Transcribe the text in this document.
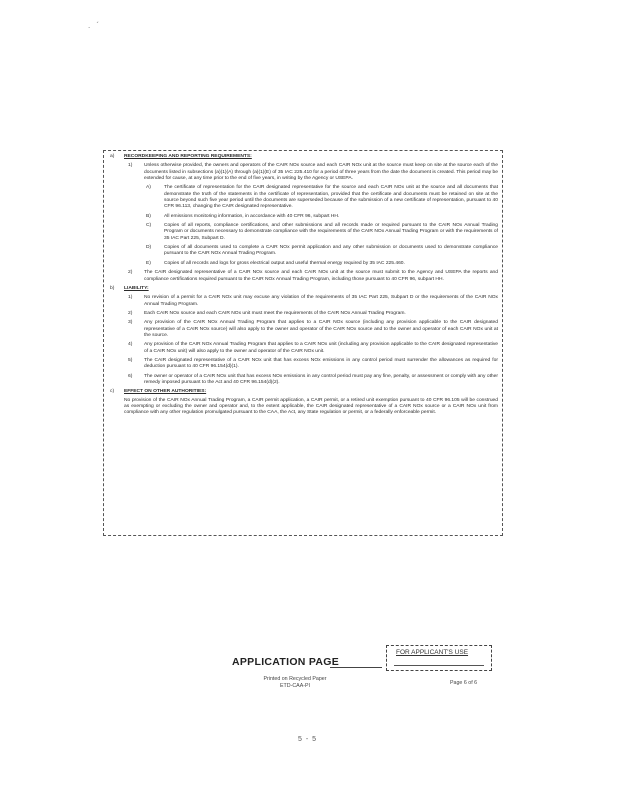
. ´
a) RECORDKEEPING AND REPORTING REQUIREMENTS:
1) Unless otherwise provided, the owners and operators of the CAIR NOx source and each CAIR NOx unit at the source must keep on site at the source each of the documents listed in subsections (a)(1)(A) through (a)(1)(E) of 35 IAC 225.410 for a period of three years from the date the document is created. This period may be extended for cause, at any time prior to the end of five years, in writing by the Agency or USEPA.
A)	The certificate of representation for the CAIR designated representative for the source and each CAIR NOx unit at the source and all documents that demonstrate the truth of the statements in the certificate of representation, provided that the certificate and documents must be retained on site at the source beyond such five year period until the documents are superseded because of the submission of a new certificate of representation, pursuant to 40 CFR 96.113, changing the CAIR designated representative.
B)	All emissions monitoring information, in accordance with 40 CFR 96, subpart HH.
C)	Copies of all reports, compliance certifications, and other submissions and all records made or required pursuant to the CAIR NOx Annual Trading Program or documents necessary to demonstrate compliance with the requirements of the CAIR NOx Annual Trading Program or with the requirements of 35 IAC Part 225, Subpart D.
D)	Copies of all documents used to complete a CAIR NOx permit application and any other submission or documents used to demonstrate compliance pursuant to the CAIR NOx Annual Trading Program.
E)	Copies of all records and logs for gross electrical output and useful thermal energy required by 35 IAC 225.460.
2) The CAIR designated representative of a CAIR NOx source and each CAIR NOx unit at the source must submit to the Agency and USEPA the reports and compliance certifications required pursuant to the CAIR NOx Annual Trading Program, including those pursuant to 40 CFR 96, subpart HH.
b) LIABILITY:
1) No revision of a permit for a CAIR NOx unit may excuse any violation of the requirements of 35 IAC Part 225, Subpart D or the requirements of the CAIR NOx Annual Trading Program.
2) Each CAIR NOx source and each CAIR NOx unit must meet the requirements of the CAIR NOx Annual Trading Program.
3) Any provision of the CAIR NOx Annual Trading Program that applies to a CAIR NOx source (including any provision applicable to the CAIR designated representative of a CAIR NOx source) will also apply to the owner and operator of the CAIR NOx source and to the owner and operator of each CAIR NOx unit at the source.
4) Any provision of the CAIR NOx Annual Trading Program that applies to a CAIR NOx unit (including any provision applicable to the CAIR designated representative of a CAIR NOx unit) will also apply to the owner and operator of the CAIR NOx unit.
5) The CAIR designated representative of a CAIR NOx unit that has excess NOx emissions in any control period must surrender the allowances as required for deduction pursuant to 40 CFR 96.154(d)(1).
6) The owner or operator of a CAIR NOx unit that has excess NOx emissions in any control period must pay any fine, penalty, or assessment or comply with any other remedy imposed pursuant to the Act and 40 CFR 96.154(d)(2).
c) EFFECT ON OTHER AUTHORITIES:
No provision of the CAIR NOx Annual Trading Program, a CAIR permit application, a CAIR permit, or a retired unit exemption pursuant to 40 CFR 96.105 will be construed as exempting or excluding the owner and operator and, to the extent applicable, the CAIR designated representative of a CAIR NOx source or a CAIR NOx unit from compliance with any other regulation promulgated pursuant to the CAA, the Act, any State regulation or permit, or a federally enforceable permit.
APPLICATION PAGE
FOR APPLICANT'S USE
Printed on Recycled Paper
ETD-CAA-PI	Page 6 of 6
5 - 5
